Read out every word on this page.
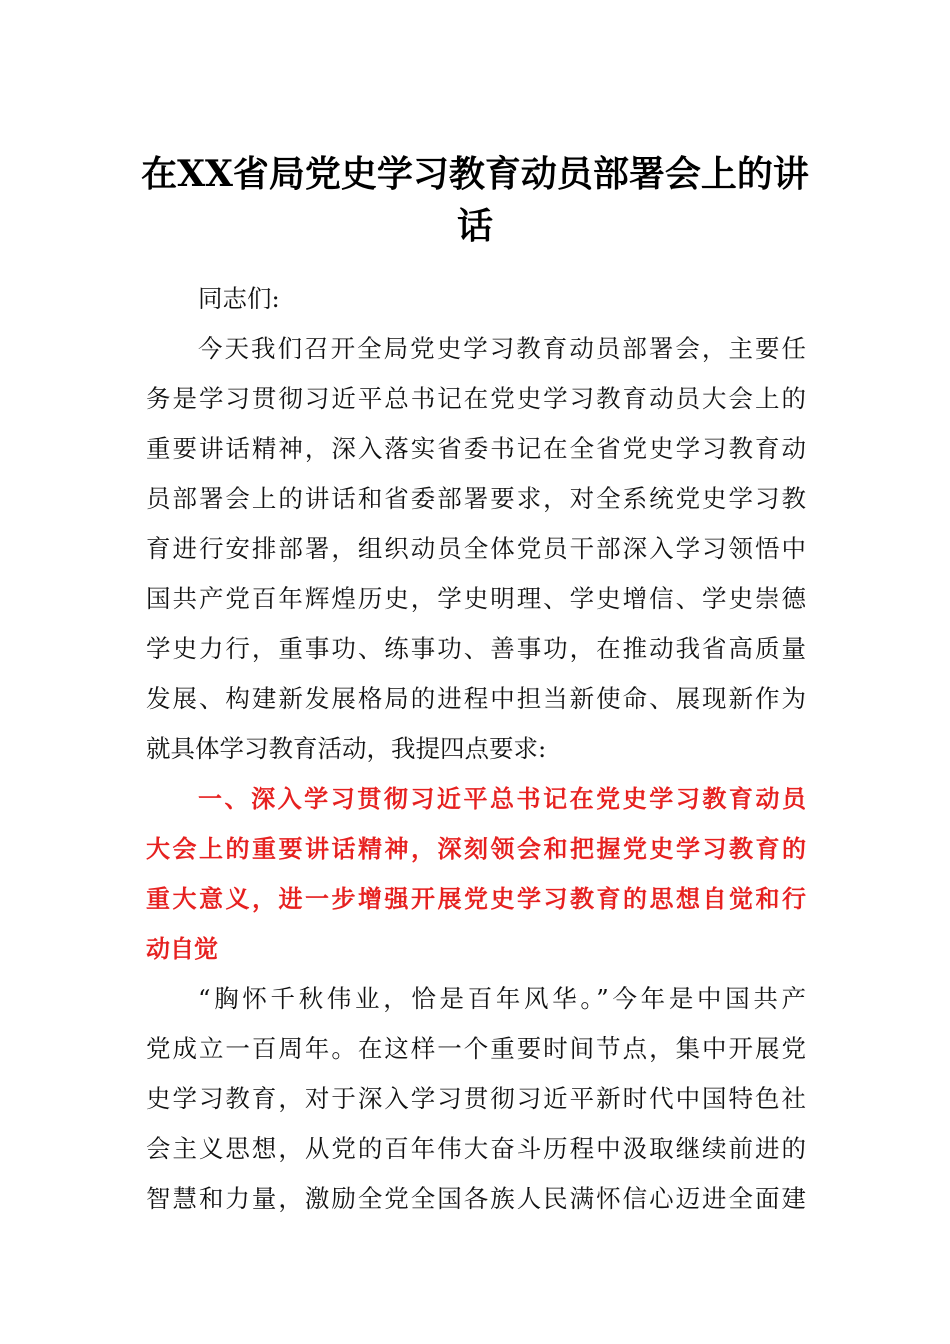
在XX省局党史学习教育动员部署会上的讲
话
同志们:
今天我们召开全局党史学习教育动员部署会，主要任
务是学习贯彻习近平总书记在党史学习教育动员大会上的
重要讲话精神，深入落实省委书记在全省党史学习教育动
员部署会上的讲话和省委部署要求，对全系统党史学习教
育进行安排部署，组织动员全体党员干部深入学习领悟中
国共产党百年辉煌历史，学史明理、学史增信、学史崇德
学史力行，重事功、练事功、善事功，在推动我省高质量
发展、构建新发展格局的进程中担当新使命、展现新作为
就具体学习教育活动，我提四点要求:
一、深入学习贯彻习近平总书记在党史学习教育动员
大会上的重要讲话精神，深刻领会和把握党史学习教育的
重大意义，进一步增强开展党史学习教育的思想自觉和行
动自觉
“胸怀千秋伟业，恰是百年风华。”今年是中国共产
党成立一百周年。在这样一个重要时间节点，集中开展党
史学习教育，对于深入学习贯彻习近平新时代中国特色社
会主义思想，从党的百年伟大奋斗历程中汲取继续前进的
智慧和力量，激励全党全国各族人民满怀信心迈进全面建
